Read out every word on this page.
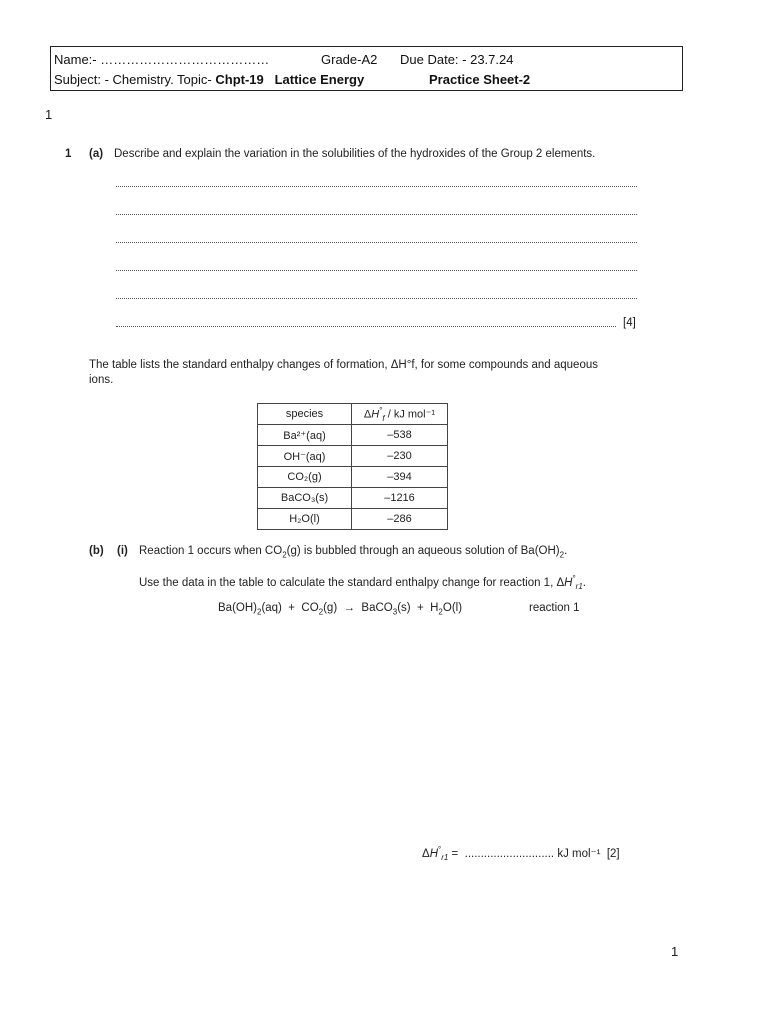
Name:- …………………………………	Grade-A2 Due Date: - 23.7.24
Subject: - Chemistry. Topic- Chpt-19 Lattice Energy	Practice Sheet-2
1
1 (a) Describe and explain the variation in the solubilities of the hydroxides of the Group 2 elements.
[4]
The table lists the standard enthalpy changes of formation, ΔH°f, for some compounds and aqueous
ions.
species	$\Delta H^\circ_f$ / kJ mol⁻¹
Ba²⁺(aq)	–538
OH⁻(aq)	–230
CO₂(g)	–394
BaCO₃(s)	–1216
H₂O(l)	–286
(b) (i) Reaction 1 occurs when $CO_2(g)$ is bubbled through an aqueous solution of $Ba(OH)_2$.
Use the data in the table to calculate the standard enthalpy change for reaction 1, $\Delta H^\circ_{r1}$.
$Ba(OH)_2(aq) + CO_2(g)$  →  BaCO$_3$(s)  +  $H_2O(l)$	reaction 1
$\Delta H^\circ_{r1}$ =  ............................ kJ mol⁻¹ [2]
1
